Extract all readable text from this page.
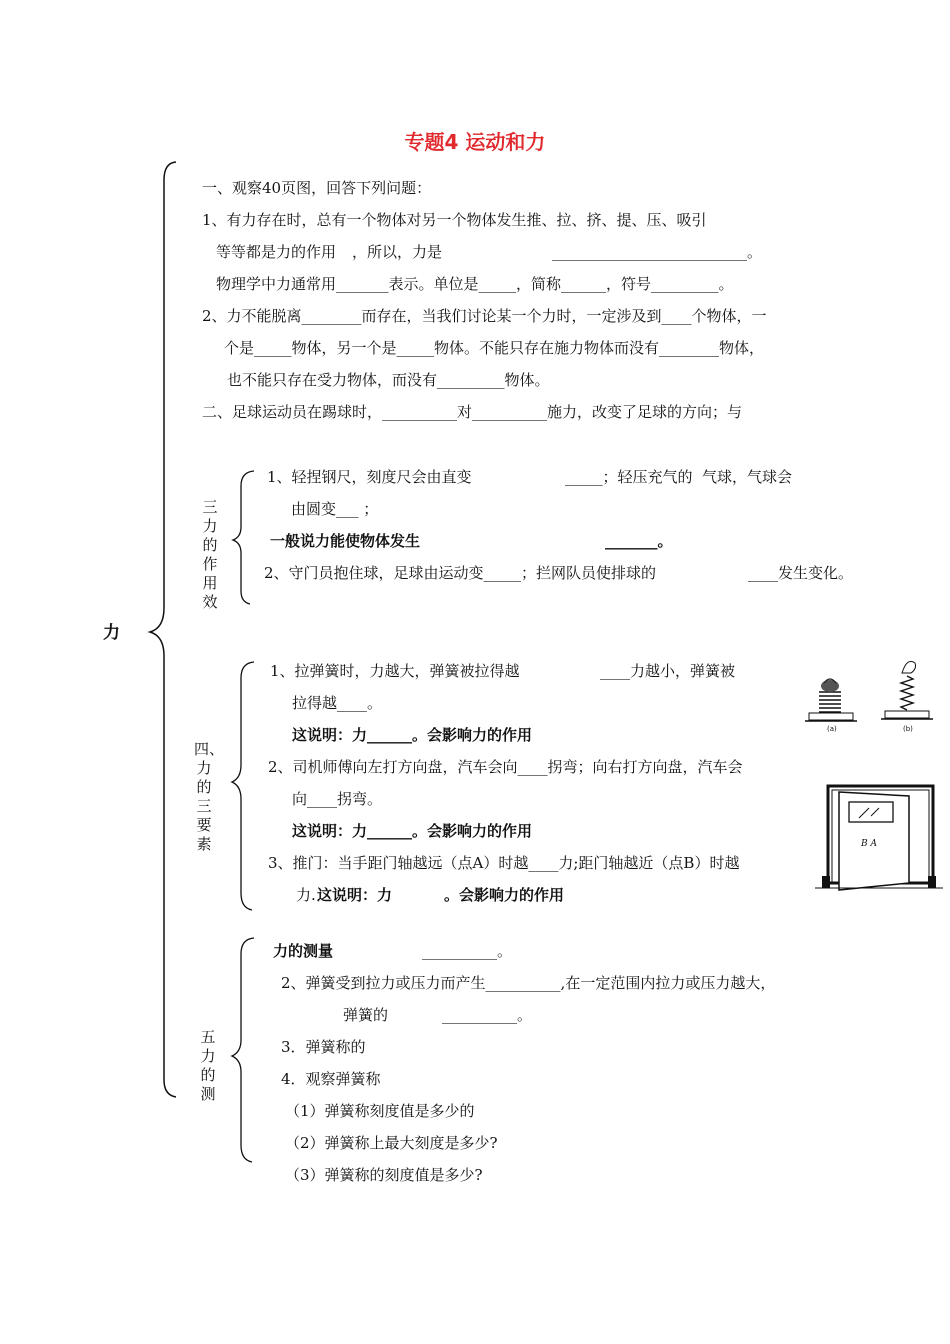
专题4 运动和力
力
一、观察40页图，回答下列问题：
1、有力存在时，总有一个物体对另一个物体发生推、拉、挤、提、压、吸引
等等都是力的作用 ，所以，力是	__________________________。
物理学中力通常用_______表示。单位是_____，简称______，符号_________。
2、力不能脱离________而存在，当我们讨论某一个力时，一定涉及到____个物体，一
个是_____物体，另一个是_____物体。不能只存在施力物体而没有________物体，
也不能只存在受力物体，而没有_________物体。
二、足球运动员在踢球时，__________对__________施力，改变了足球的方向；与
三力的作用效
1、轻捏钢尺，刻度尺会由直变	_____；轻压充气的 气球，气球会
由圆变___ ；
一般说力能使物体发生	_______。
2、守门员抱住球，足球由运动变_____；拦网队员使排球的	____发生变化。
四、力的三要素
1、拉弹簧时，力越大，弹簧被拉得越	____力越小，弹簧被
拉得越____。
这说明：力______。会影响力的作用
2、司机师傅向左打方向盘，汽车会向____拐弯；向右打方向盘，汽车会
向____拐弯。
这说明：力______。会影响力的作用
3、推门：当手距门轴越远（点A）时越____力;距门轴越近（点B）时越
力. 这说明：力	。会影响力的作用
五力的测
力的测量	__________。
2、弹簧受到拉力或压力而产生__________,在一定范围内拉力或压力越大，
弹簧的	__________。
3．弹簧称的
4．观察弹簧称
（1）弹簧称刻度值是多少的
（2）弹簧称上最大刻度是多少?
（3）弹簧称的刻度值是多少?
(a)	(b)
B A
